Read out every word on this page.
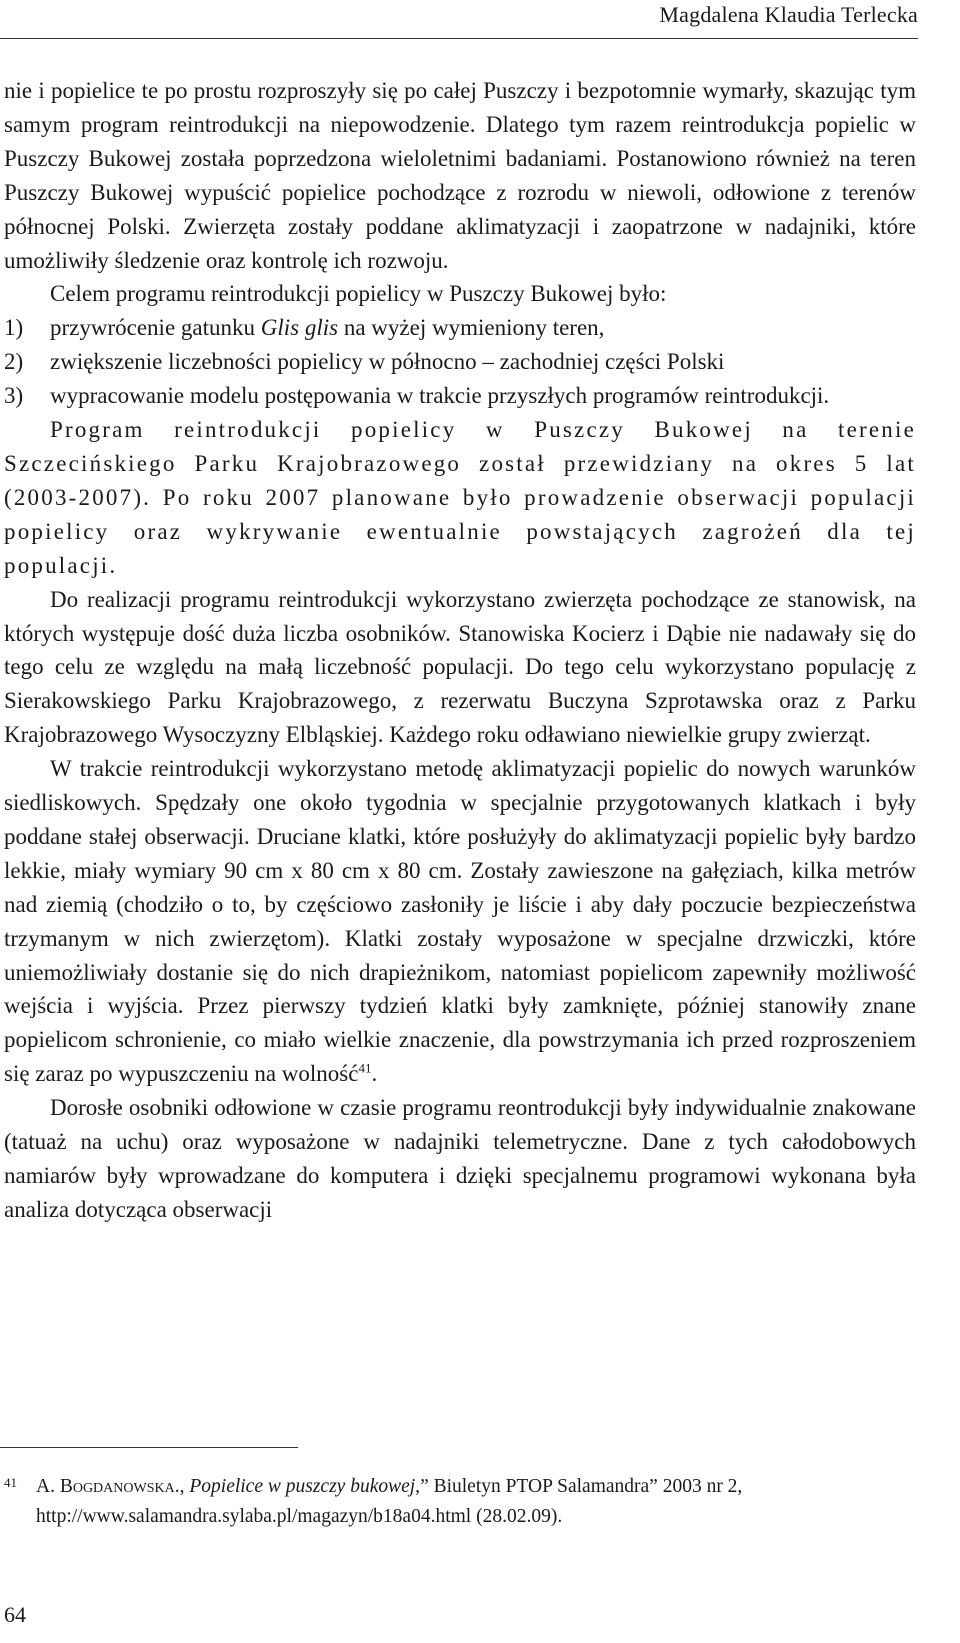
Magdalena Klaudia Terlecka

nie i popielice te po prostu rozproszyły się po całej Puszczy i bezpotomnie wymarły, skazując tym samym program reintrodukcji na niepowodzenie. Dlatego tym razem reintrodukcja popielic w Puszczy Bukowej została poprzedzona wieloletnimi badaniami. Postanowiono również na teren Puszczy Bukowej wypuścić popielice pochodzące z rozrodu w niewoli, odłowione z terenów północnej Polski. Zwierzęta zostały poddane aklimatyzacji i zaopatrzone w nadajniki, które umożliwiły śledzenie oraz kontrolę ich rozwoju.

Celem programu reintrodukcji popielicy w Puszczy Bukowej było:

1) przywrócenie gatunku Glis glis na wyżej wymieniony teren,
2) zwiększenie liczebności popielicy w północno – zachodniej części Polski
3) wypracowanie modelu postępowania w trakcie przyszłych programów reintrodukcji.

Program reintrodukcji popielicy w Puszczy Bukowej na terenie Szczecińskiego Parku Krajobrazowego został przewidziany na okres 5 lat (2003-2007). Po roku 2007 planowane było prowadzenie obserwacji populacji popielicy oraz wykrywanie ewentualnie powstających zagrożeń dla tej populacji.

Do realizacji programu reintrodukcji wykorzystano zwierzęta pochodzące ze stanowisk, na których występuje dość duża liczba osobników. Stanowiska Kocierz i Dąbie nie nadawały się do tego celu ze względu na małą liczebność populacji. Do tego celu wykorzystano populację z Sierakowskiego Parku Krajobrazowego, z rezerwatu Buczyna Szprotawska oraz z Parku Krajobrazowego Wysoczyzny Elbląskiej. Każdego roku odławiano niewielkie grupy zwierząt.

W trakcie reintrodukcji wykorzystano metodę aklimatyzacji popielic do nowych warunków siedliskowych. Spędzały one około tygodnia w specjalnie przygotowanych klatkach i były poddane stałej obserwacji. Druciane klatki, które posłużyły do aklimatyzacji popielic były bardzo lekkie, miały wymiary 90 cm x 80 cm x 80 cm. Zostały zawieszone na gałęziach, kilka metrów nad ziemią (chodziło o to, by częściowo zasłoniły je liście i aby dały poczucie bezpieczeństwa trzymanym w nich zwierzętom). Klatki zostały wyposażone w specjalne drzwiczki, które uniemożliwiały dostanie się do nich drapieżnikom, natomiast popielicom zapewniły możliwość wejścia i wyjścia. Przez pierwszy tydzień klatki były zamknięte, później stanowiły znane popielicom schronienie, co miało wielkie znaczenie, dla powstrzymania ich przed rozproszeniem się zaraz po wypuszczeniu na wolność$^{41}$.

Dorosłe osobniki odłowione w czasie programu reontrodukcji były indywidualnie znakowane (tatuaż na uchu) oraz wyposażone w nadajniki telemetryczne. Dane z tych całodobowych namiarów były wprowadzane do komputera i dzięki specjalnemu programowi wykonana była analiza dotycząca obserwacji

41 A. Bogdanowska., Popielice w puszczy bukowej,” Biuletyn PTOP Salamandra” 2003 nr 2, http://www.salamandra.sylaba.pl/magazyn/b18a04.html (28.02.09).
64
